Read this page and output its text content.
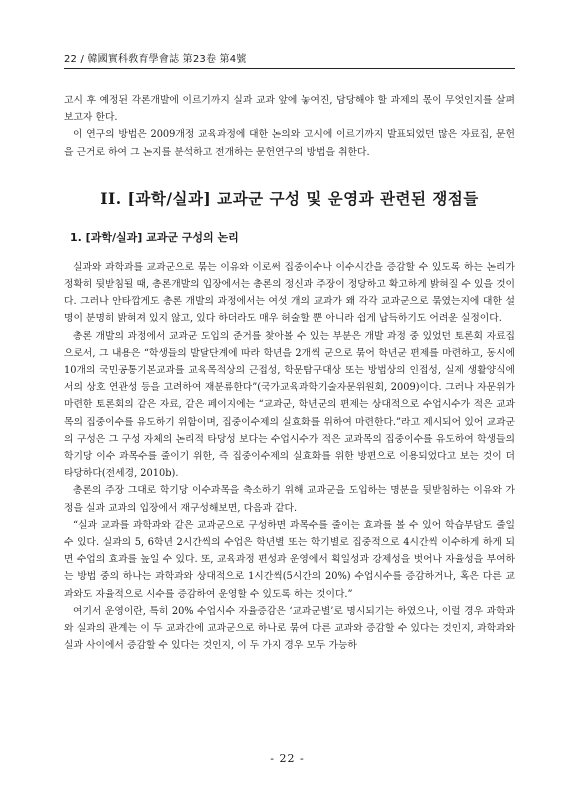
22 / 韓國實科敎育學會誌 第23卷 第4號

고시 후 예정된 각론개발에 이르기까지 실과 교과 앞에 놓여진, 담당해야 할 과제의 몫이 무엇인지를 살펴보고자 한다.

이 연구의 방법은 2009개정 교육과정에 대한 논의와 고시에 이르기까지 발표되었던 많은 자료집, 문헌을 근거로 하여 그 논지를 분석하고 전개하는 문헌연구의 방법을 취한다.

II. [과학/실과] 교과군 구성 및 운영과 관련된 쟁점들
1. [과학/실과] 교과군 구성의 논리

실과와 과학과를 교과군으로 묶는 이유와 이로써 집중이수나 이수시간을 증감할 수 있도록 하는 논리가 정확히 뒷받침될 때, 총론개발의 입장에서는 총론의 정신과 주장이 정당하고 확고하게 밝혀질 수 있을 것이다. 그러나 안타깝게도 총론 개발의 과정에서는 여섯 개의 교과가 왜 각각 교과군으로 묶였는지에 대한 설명이 분명히 밝혀져 있지 않고, 있다 하더라도 매우 허술할 뿐 아니라 쉽게 납득하기도 어려운 실정이다.

총론 개발의 과정에서 교과군 도입의 준거를 찾아볼 수 있는 부분은 개발 과정 중 있었던 토론회 자료집으로서, 그 내용은 “학생들의 발달단계에 따라 학년을 2개씩 군으로 묶어 학년군 편제를 마련하고, 동시에 10개의 국민공통기본교과를 교육목적상의 근접성, 학문탐구대상 또는 방법상의 인접성, 실제 생활양식에서의 상호 연관성 등을 고려하여 재분류한다”(국가교육과학기술자문위원회, 2009)이다. 그러나 자문위가 마련한 토론회의 같은 자료, 같은 페이지에는 “교과군, 학년군의 편제는 상대적으로 수업시수가 적은 교과목의 집중이수를 유도하기 위함이며, 집중이수제의 실효화를 위하여 마련한다.”라고 제시되어 있어 교과군의 구성은 그 구성 자체의 논리적 타당성 보다는 수업시수가 적은 교과목의 집중이수를 유도하여 학생들의 학기당 이수 과목수를 줄이기 위한, 즉 집중이수제의 실효화를 위한 방편으로 이용되었다고 보는 것이 더 타당하다(전세경, 2010b).

총론의 주장 그대로 학기당 이수과목을 축소하기 위해 교과군을 도입하는 명분을 뒷받침하는 이유와 가정을 실과 교과의 입장에서 재구성해보면, 다음과 같다.

“실과 교과를 과학과와 같은 교과군으로 구성하면 과목수를 줄이는 효과를 볼 수 있어 학습부담도 줄일 수 있다. 실과의 5, 6학년 2시간씩의 수업은 학년별 또는 학기별로 집중적으로 4시간씩 이수하게 하게 되면 수업의 효과를 높일 수 있다. 또, 교육과정 편성과 운영에서 획일성과 강제성을 벗어나 자율성을 부여하는 방법 중의 하나는 과학과와 상대적으로 1시간씩(5시간의 20%) 수업시수를 증감하거나, 혹은 다른 교과와도 자율적으로 시수를 증감하여 운영할 수 있도록 하는 것이다.”

여기서 운영이란, 특히 20% 수업시수 자율증감은 ‘교과군별’로 명시되기는 하였으나, 이럴 경우 과학과와 실과의 관계는 이 두 교과간에 교과군으로 하나로 묶여 다른 교과와 증감할 수 있다는 것인지, 과학과와 실과 사이에서 증감할 수 있다는 것인지, 이 두 가지 경우 모두 가능하

- 22 -
